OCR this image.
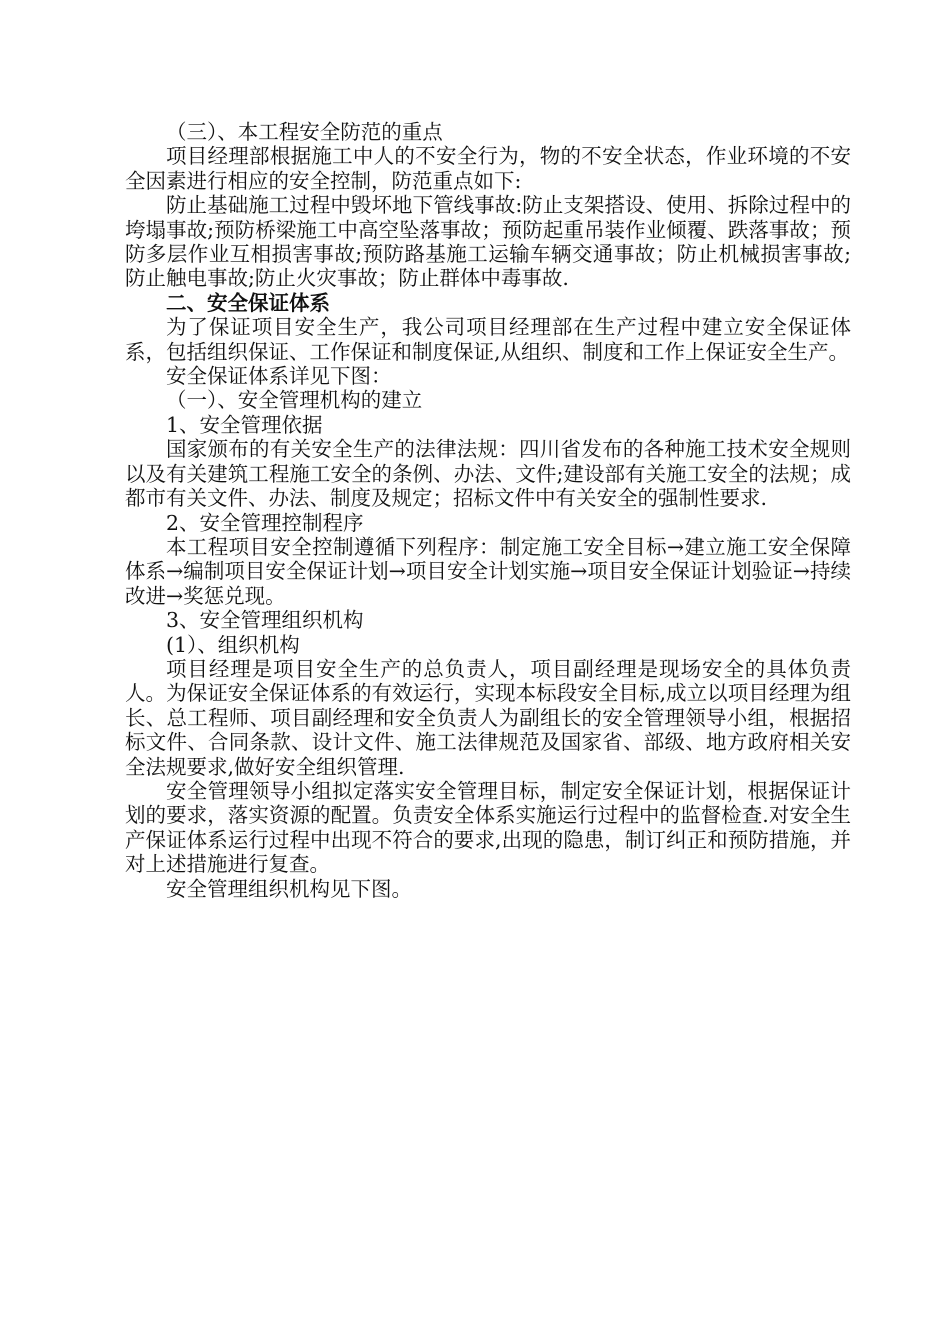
（三）、本工程安全防范的重点

项目经理部根据施工中人的不安全行为，物的不安全状态，作业环境的不安全因素进行相应的安全控制，防范重点如下:

防止基础施工过程中毁坏地下管线事故:防止支架搭设、使用、拆除过程中的垮塌事故;预防桥梁施工中高空坠落事故；预防起重吊装作业倾覆、跌落事故；预防多层作业互相损害事故;预防路基施工运输车辆交通事故；防止机械损害事故;防止触电事故;防止火灾事故；防止群体中毒事故.

二、安全保证体系

为了保证项目安全生产，我公司项目经理部在生产过程中建立安全保证体系，包括组织保证、工作保证和制度保证,从组织、制度和工作上保证安全生产。

安全保证体系详见下图：

（一）、安全管理机构的建立

1、安全管理依据

国家颁布的有关安全生产的法律法规：四川省发布的各种施工技术安全规则以及有关建筑工程施工安全的条例、办法、文件;建设部有关施工安全的法规；成都市有关文件、办法、制度及规定；招标文件中有关安全的强制性要求.

2、安全管理控制程序

本工程项目安全控制遵循下列程序：制定施工安全目标→建立施工安全保障体系→编制项目安全保证计划→项目安全计划实施→项目安全保证计划验证→持续改进→奖惩兑现。

3、安全管理组织机构

(1）、组织机构

项目经理是项目安全生产的总负责人，项目副经理是现场安全的具体负责人。为保证安全保证体系的有效运行，实现本标段安全目标,成立以项目经理为组长、总工程师、项目副经理和安全负责人为副组长的安全管理领导小组，根据招标文件、合同条款、设计文件、施工法律规范及国家省、部级、地方政府相关安全法规要求,做好安全组织管理.

安全管理领导小组拟定落实安全管理目标，制定安全保证计划，根据保证计划的要求，落实资源的配置。负责安全体系实施运行过程中的监督检查.对安全生产保证体系运行过程中出现不符合的要求,出现的隐患，制订纠正和预防措施，并对上述措施进行复查。

安全管理组织机构见下图。
